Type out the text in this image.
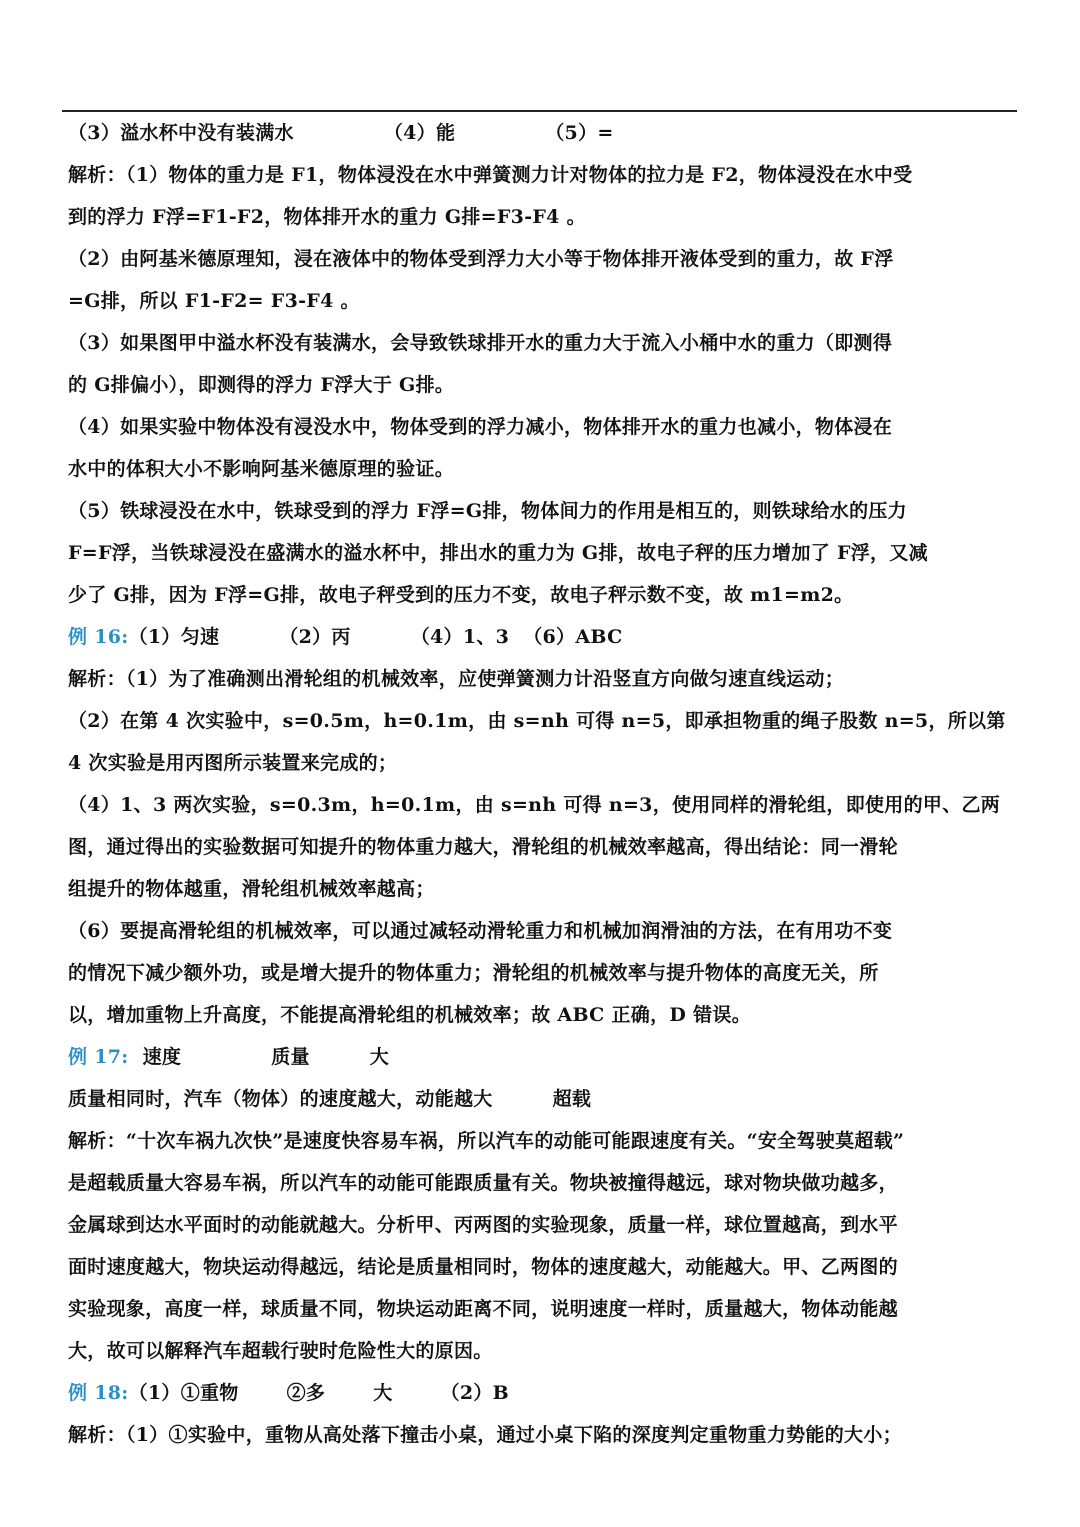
（3）溢水杯中没有装满水	（4）能	（5）=
解析：（1）物体的重力是 F1，物体浸没在水中弹簧测力计对物体的拉力是 F2，物体浸没在水中受
到的浮力 F浮=F1-F2，物体排开水的重力 G排=F3-F4 。
（2）由阿基米德原理知，浸在液体中的物体受到浮力大小等于物体排开液体受到的重力，故 F浮
=G排，所以 F1-F2= F3-F4 。
（3）如果图甲中溢水杯没有装满水，会导致铁球排开水的重力大于流入小桶中水的重力（即测得
的 G排偏小），即测得的浮力 F浮大于 G排。
（4）如果实验中物体没有浸没水中，物体受到的浮力减小，物体排开水的重力也减小，物体浸在
水中的体积大小不影响阿基米德原理的验证。
（5）铁球浸没在水中，铁球受到的浮力 F浮=G排，物体间力的作用是相互的，则铁球给水的压力
F=F浮，当铁球浸没在盛满水的溢水杯中，排出水的重力为 G排，故电子秤的压力增加了 F浮，又减
少了 G排，因为 F浮=G排，故电子秤受到的压力不变，故电子秤示数不变，故 m1=m2。
例 16:（1）匀速	（2）丙	（4）1、3 （6）ABC
解析：（1）为了准确测出滑轮组的机械效率，应使弹簧测力计沿竖直方向做匀速直线运动；
（2）在第 4 次实验中，s=0.5m，h=0.1m，由 s=nh 可得 n=5，即承担物重的绳子股数 n=5，所以第
4 次实验是用丙图所示装置来完成的；
（4）1、3 两次实验，s=0.3m，h=0.1m，由 s=nh 可得 n=3，使用同样的滑轮组，即使用的甲、乙两
图，通过得出的实验数据可知提升的物体重力越大，滑轮组的机械效率越高，得出结论：同一滑轮
组提升的物体越重，滑轮组机械效率越高；
（6）要提高滑轮组的机械效率，可以通过减轻动滑轮重力和机械加润滑油的方法，在有用功不变
的情况下减少额外功，或是增大提升的物体重力；滑轮组的机械效率与提升物体的高度无关，所
以，增加重物上升高度，不能提高滑轮组的机械效率；故 ABC 正确，D 错误。
例 17: 速度	质量	大
质量相同时，汽车（物体）的速度越大，动能越大	超载
解析：“十次车祸九次快”是速度快容易车祸，所以汽车的动能可能跟速度有关。“安全驾驶莫超载”
是超载质量大容易车祸，所以汽车的动能可能跟质量有关。物块被撞得越远，球对物块做功越多，
金属球到达水平面时的动能就越大。分析甲、丙两图的实验现象，质量一样，球位置越高，到水平
面时速度越大，物块运动得越远，结论是质量相同时，物体的速度越大，动能越大。甲、乙两图的
实验现象，高度一样，球质量不同，物块运动距离不同，说明速度一样时，质量越大，物体动能越
大，故可以解释汽车超载行驶时危险性大的原因。
例 18:（1）①重物	②多	大	（2）B
解析：（1）①实验中，重物从高处落下撞击小桌，通过小桌下陷的深度判定重物重力势能的大小；
